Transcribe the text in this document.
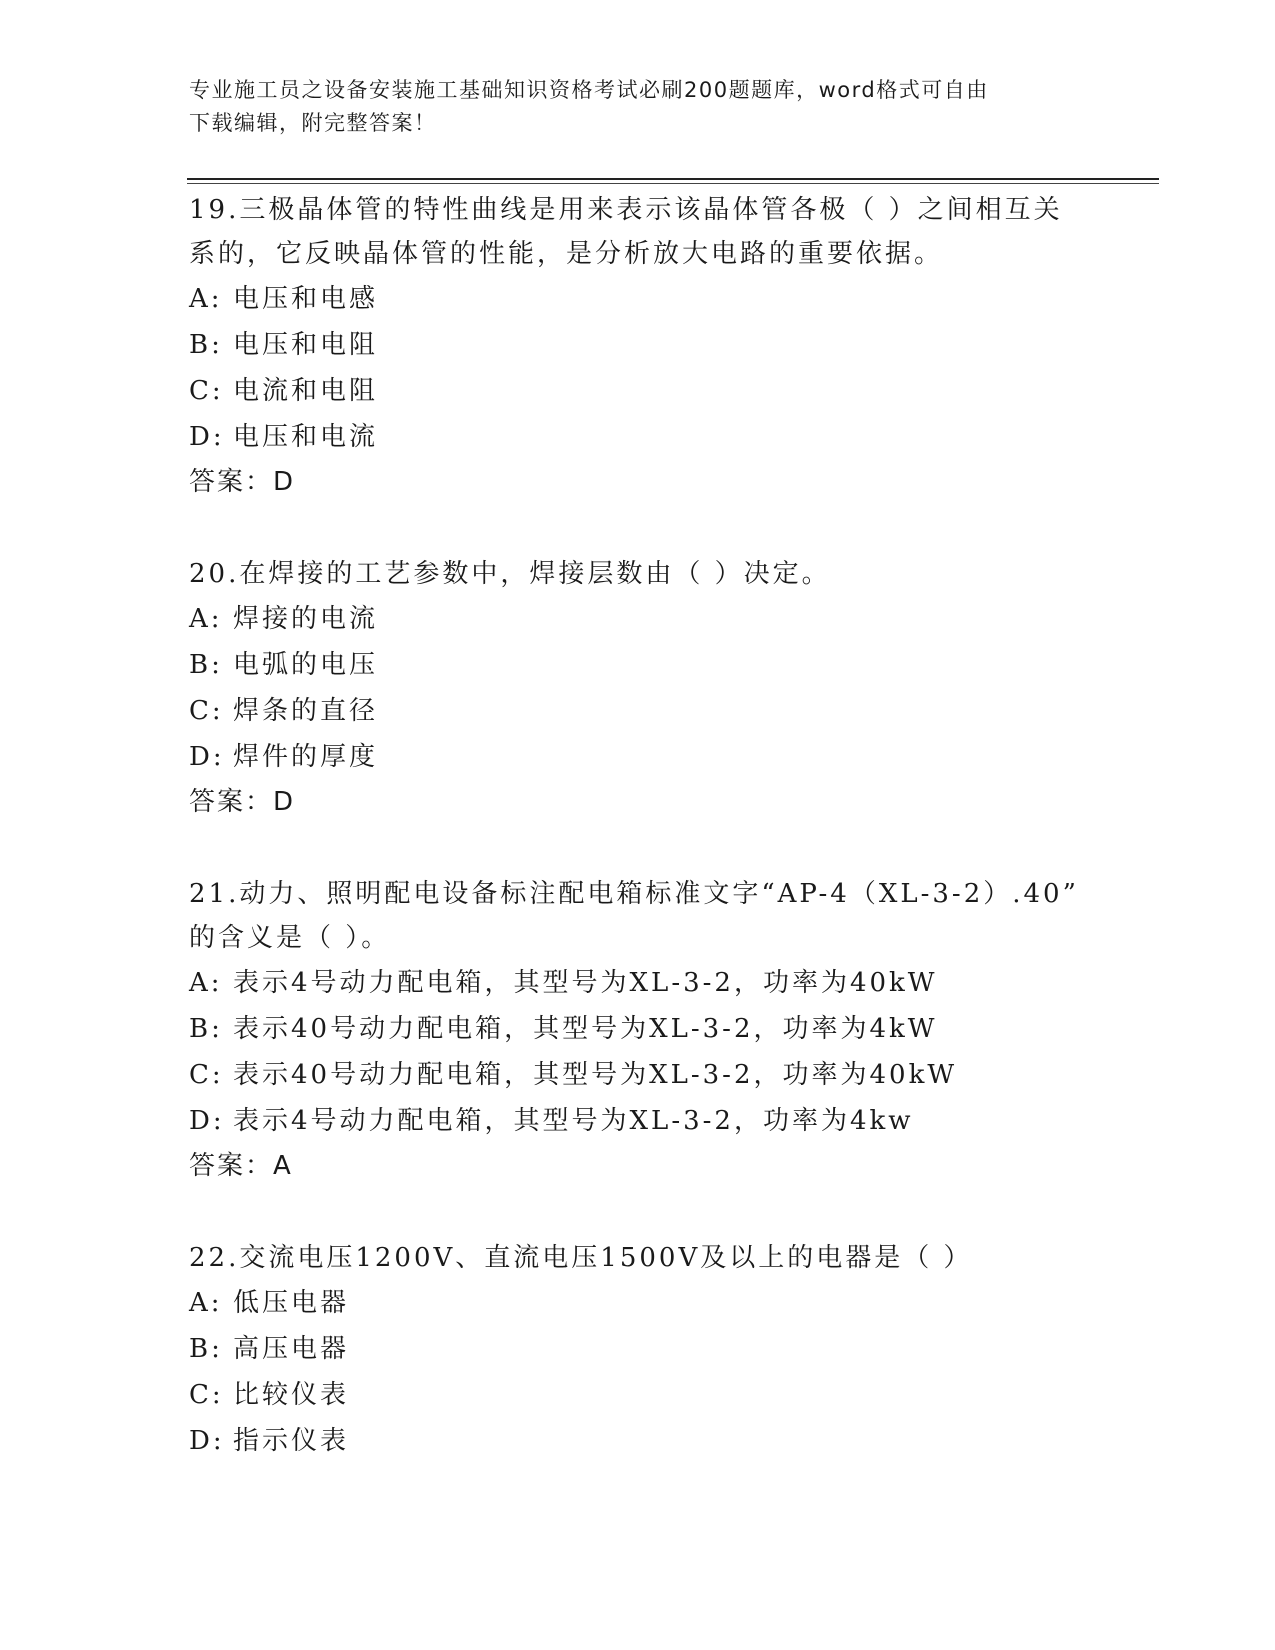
专业施工员之设备安装施工基础知识资格考试必刷200题题库，word格式可自由
下载编辑，附完整答案！

19.三极晶体管的特性曲线是用来表示该晶体管各极（ ）之间相互关
系的，它反映晶体管的性能，是分析放大电路的重要依据。

A: 电压和电感

B: 电压和电阻

C: 电流和电阻

D: 电压和电流

答案：D

20.在焊接的工艺参数中，焊接层数由（ ）决定。

A: 焊接的电流

B: 电弧的电压

C: 焊条的直径

D: 焊件的厚度

答案：D

21.动力、照明配电设备标注配电箱标准文字“AP-4（XL-3-2）.40”
的含义是（ ）。

A: 表示4号动力配电箱，其型号为XL-3-2，功率为40kW

B: 表示40号动力配电箱，其型号为XL-3-2，功率为4kW

C: 表示40号动力配电箱，其型号为XL-3-2，功率为40kW

D: 表示4号动力配电箱，其型号为XL-3-2，功率为4kw

答案：A

22.交流电压1200V、直流电压1500V及以上的电器是（ ）

A: 低压电器

B: 高压电器

C: 比较仪表

D: 指示仪表
